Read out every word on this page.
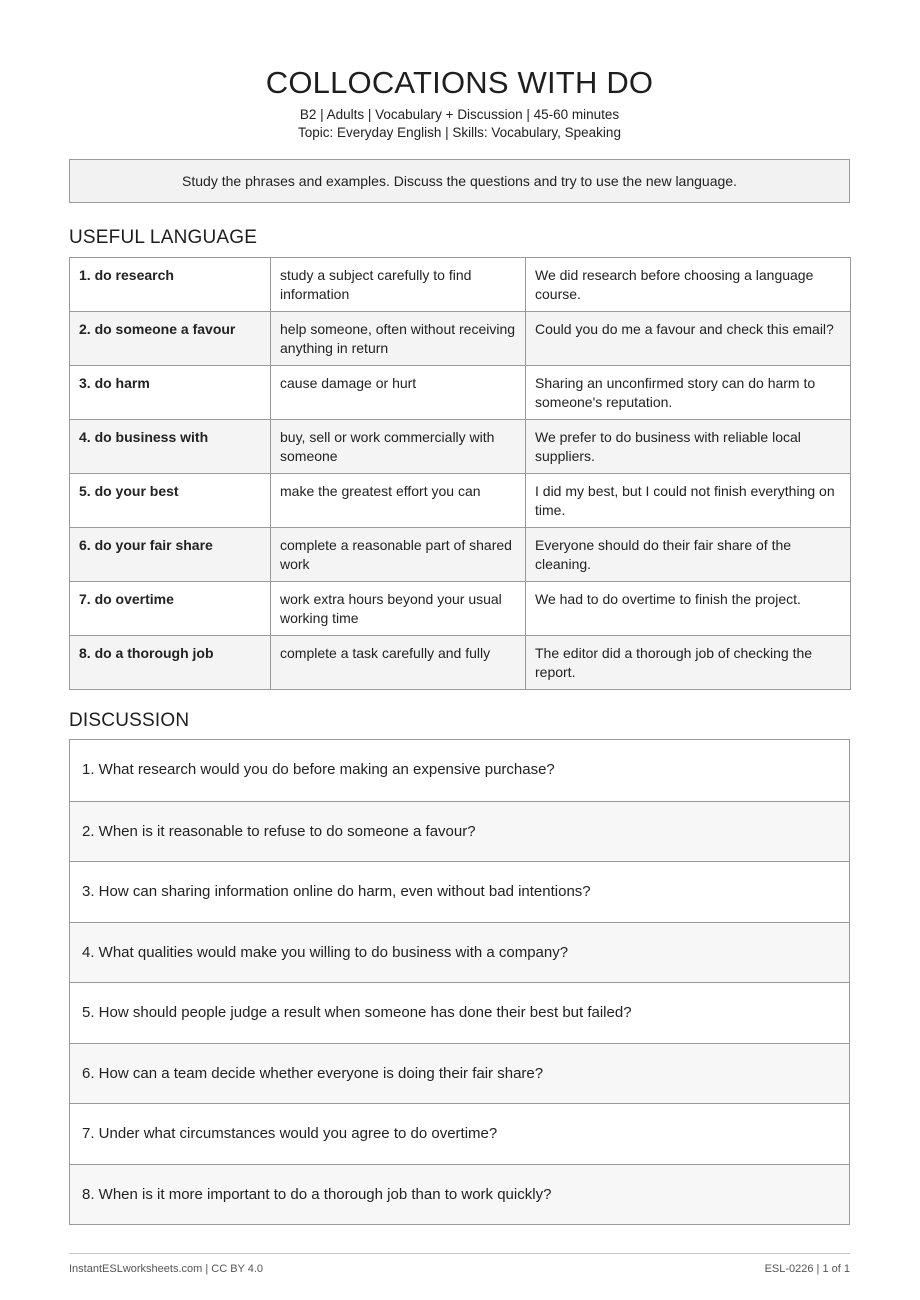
COLLOCATIONS WITH DO
B2 | Adults | Vocabulary + Discussion | 45-60 minutes
Topic: Everyday English | Skills: Vocabulary, Speaking
Study the phrases and examples. Discuss the questions and try to use the new language.
USEFUL LANGUAGE
1. do research	study a subject carefully to find information	We did research before choosing a language course.
2. do someone a favour	help someone, often without receiving anything in return	Could you do me a favour and check this email?
3. do harm	cause damage or hurt	Sharing an unconfirmed story can do harm to someone's reputation.
4. do business with	buy, sell or work commercially with someone	We prefer to do business with reliable local suppliers.
5. do your best	make the greatest effort you can	I did my best, but I could not finish everything on time.
6. do your fair share	complete a reasonable part of shared work	Everyone should do their fair share of the cleaning.
7. do overtime	work extra hours beyond your usual working time	We had to do overtime to finish the project.
8. do a thorough job	complete a task carefully and fully	The editor did a thorough job of checking the report.
DISCUSSION
1. What research would you do before making an expensive purchase?
2. When is it reasonable to refuse to do someone a favour?
3. How can sharing information online do harm, even without bad intentions?
4. What qualities would make you willing to do business with a company?
5. How should people judge a result when someone has done their best but failed?
6. How can a team decide whether everyone is doing their fair share?
7. Under what circumstances would you agree to do overtime?
8. When is it more important to do a thorough job than to work quickly?
InstantESLworksheets.com | CC BY 4.0	ESL-0226 | 1 of 1
